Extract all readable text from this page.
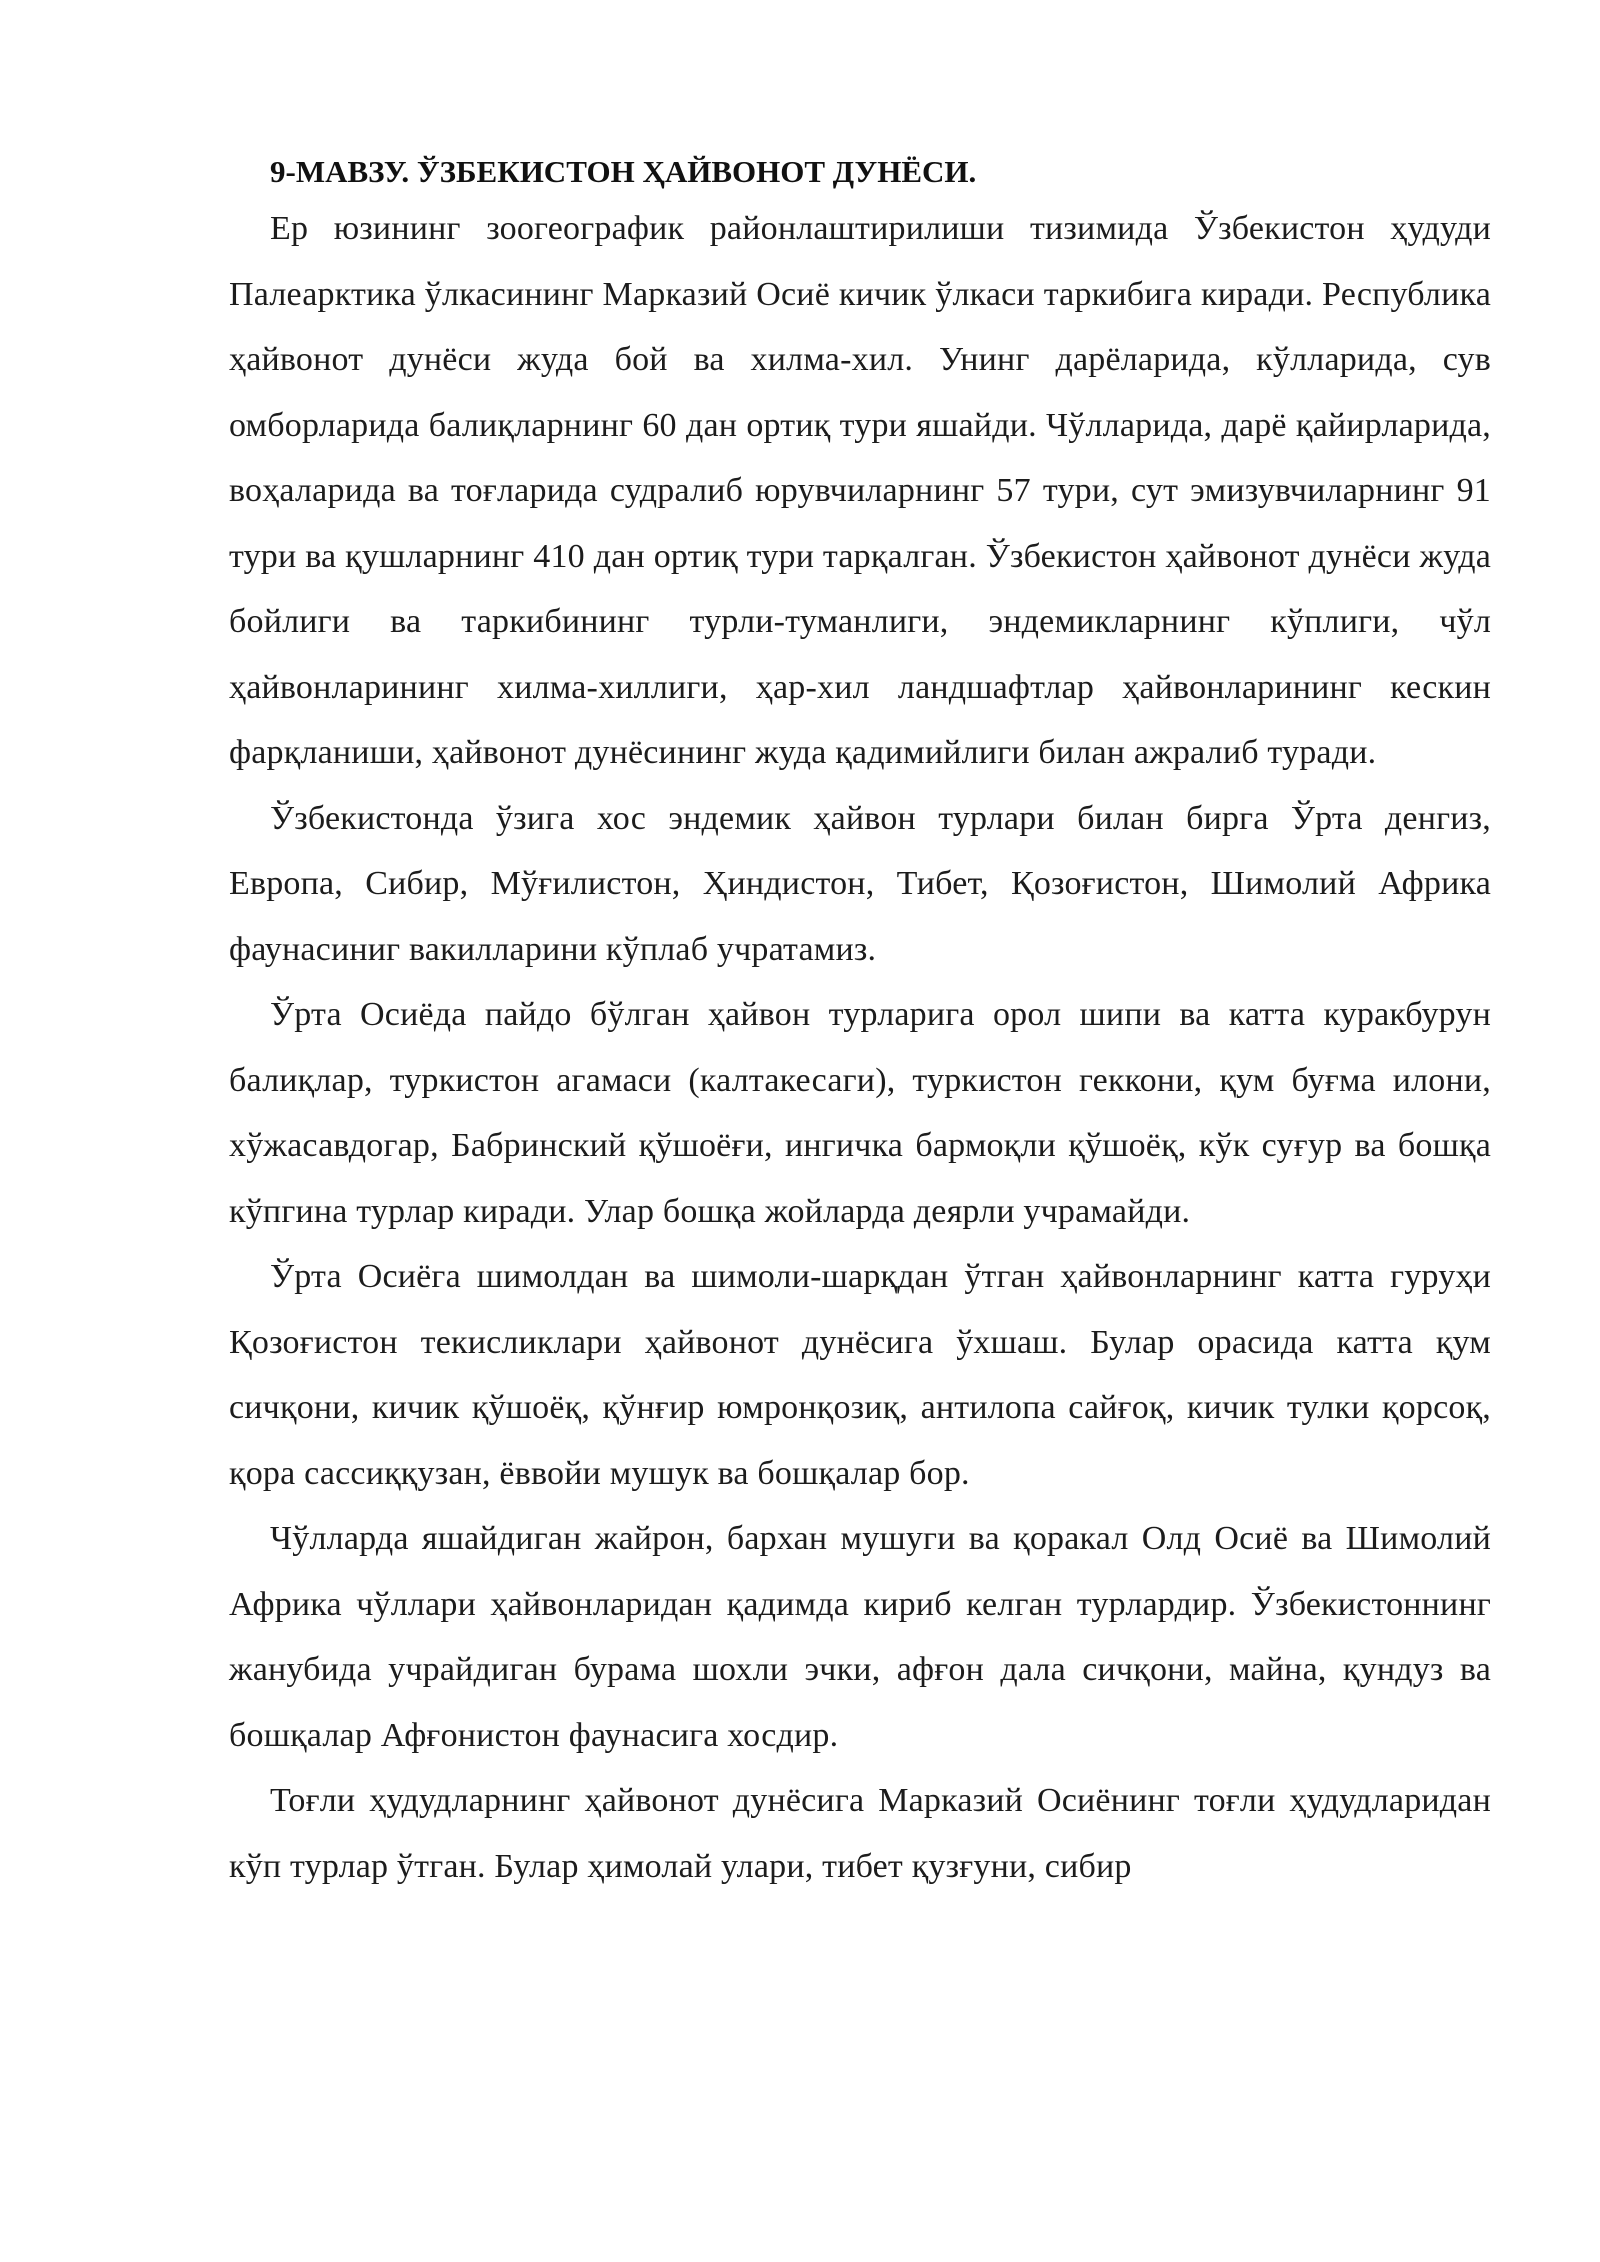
9-МАВЗУ. ЎЗБЕКИСТОН ҲАЙВОНОТ ДУНЁСИ.

Ер юзининг зоогеографик районлаштирилиши тизимида Ўзбекистон ҳудуди Палеарктика ўлкасининг Марказий Осиё кичик ўлкаси таркибига киради. Республика ҳайвонот дунёси жуда бой ва хилма-хил. Унинг дарёларида, кўлларида, сув омборларида балиқларнинг 60 дан ортиқ тури яшайди. Чўлларида, дарё қайирларида, воҳаларида ва тоғларида судралиб юрувчиларнинг 57 тури, сут эмизувчиларнинг 91 тури ва қушларнинг 410 дан ортиқ тури тарқалган. Ўзбекистон ҳайвонот дунёси жуда бойлиги ва таркибининг турли-туманлиги, эндемикларнинг кўплиги, чўл ҳайвонларининг хилма-хиллиги, ҳар-хил ландшафтлар ҳайвонларининг кескин фарқланиши, ҳайвонот дунёсининг жуда қадимийлиги билан ажралиб туради.

Ўзбекистонда ўзига хос эндемик ҳайвон турлари билан бирга Ўрта денгиз, Европа, Сибир, Мўғилистон, Ҳиндистон, Тибет, Қозоғистон, Шимолий Африка фаунасиниг вакилларини кўплаб учратамиз.

Ўрта Осиёда пайдо бўлган ҳайвон турларига орол шипи ва катта куракбурун балиқлар, туркистон агамаси (калтакесаги), туркистон геккони, қум буғма илони, хўжасавдогар, Бабринский қўшоёғи, ингичка бармоқли қўшоёқ, кўк суғур ва бошқа кўпгина турлар киради. Улар бошқа жойларда деярли учрамайди.

Ўрта Осиёга шимолдан ва шимоли-шарқдан ўтган ҳайвонларнинг катта гуруҳи Қозоғистон текисликлари ҳайвонот дунёсига ўхшаш. Булар орасида катта қум сичқони, кичик қўшоёқ, қўнғир юмронқозиқ, антилопа сайғоқ, кичик тулки қорсоқ, қора сассиққузан, ёввойи мушук ва бошқалар бор.

Чўлларда яшайдиган жайрон, бархан мушуги ва қоракал Олд Осиё ва Шимолий Африка чўллари ҳайвонларидан қадимда кириб келган турлардир. Ўзбекистоннинг жанубида учрайдиган бурама шохли эчки, афғон дала сичқони, майна, қундуз ва бошқалар Афғонистон фаунасига хосдир.

Тоғли ҳудудларнинг ҳайвонот дунёсига Марказий Осиёнинг тоғли ҳудудларидан кўп турлар ўтган. Булар ҳимолай улари, тибет қузғуни, сибир
